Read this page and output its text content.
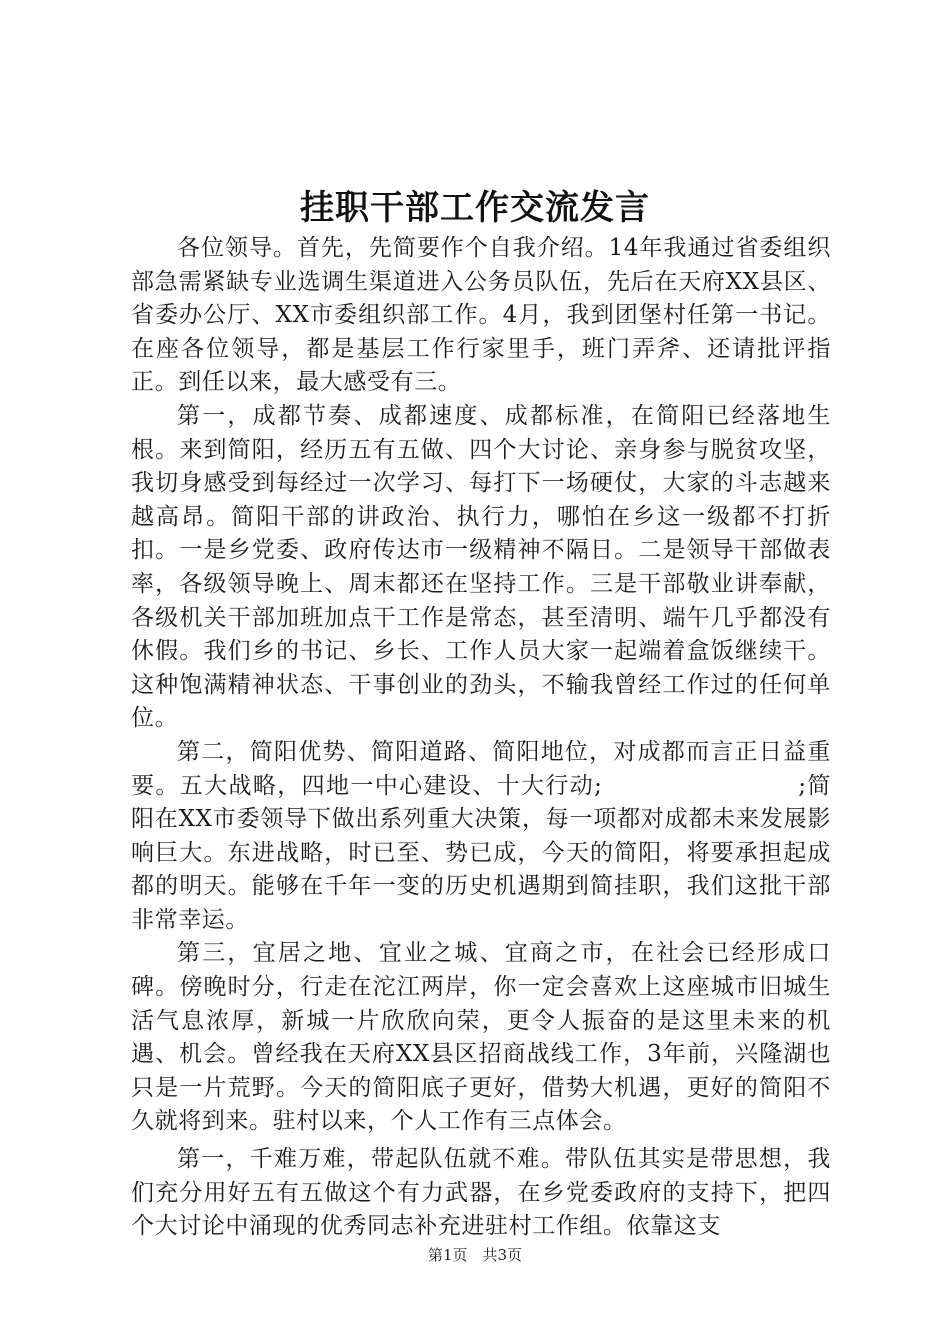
挂职干部工作交流发言

各位领导。首先，先简要作个自我介绍。14年我通过省委组织部急需紧缺专业选调生渠道进入公务员队伍，先后在天府XX县区、省委办公厅、XX市委组织部工作。4月，我到团堡村任第一书记。在座各位领导，都是基层工作行家里手，班门弄斧、还请批评指正。到任以来，最大感受有三。

第一，成都节奏、成都速度、成都标准，在简阳已经落地生根。来到简阳，经历五有五做、四个大讨论、亲身参与脱贫攻坚，我切身感受到每经过一次学习、每打下一场硬仗，大家的斗志越来越高昂。简阳干部的讲政治、执行力，哪怕在乡这一级都不打折扣。一是乡党委、政府传达市一级精神不隔日。二是领导干部做表率，各级领导晚上、周末都还在坚持工作。三是干部敬业讲奉献，各级机关干部加班加点干工作是常态，甚至清明、端午几乎都没有休假。我们乡的书记、乡长、工作人员大家一起端着盒饭继续干。这种饱满精神状态、干事创业的劲头，不输我曾经工作过的任何单位。

第二，简阳优势、简阳道路、简阳地位，对成都而言正日益重要。五大战略，四地一中心建设、十大行动;　　　　　　　　;简阳在XX市委领导下做出系列重大决策，每一项都对成都未来发展影响巨大。东进战略，时已至、势已成，今天的简阳，将要承担起成都的明天。能够在千年一变的历史机遇期到简挂职，我们这批干部非常幸运。

第三，宜居之地、宜业之城、宜商之市，在社会已经形成口碑。傍晚时分，行走在沱江两岸，你一定会喜欢上这座城市旧城生活气息浓厚，新城一片欣欣向荣，更令人振奋的是这里未来的机遇、机会。曾经我在天府XX县区招商战线工作，3年前，兴隆湖也只是一片荒野。今天的简阳底子更好，借势大机遇，更好的简阳不久就将到来。驻村以来，个人工作有三点体会。

第一，千难万难，带起队伍就不难。带队伍其实是带思想，我们充分用好五有五做这个有力武器，在乡党委政府的支持下，把四个大讨论中涌现的优秀同志补充进驻村工作组。依靠这支

第1页　共3页
